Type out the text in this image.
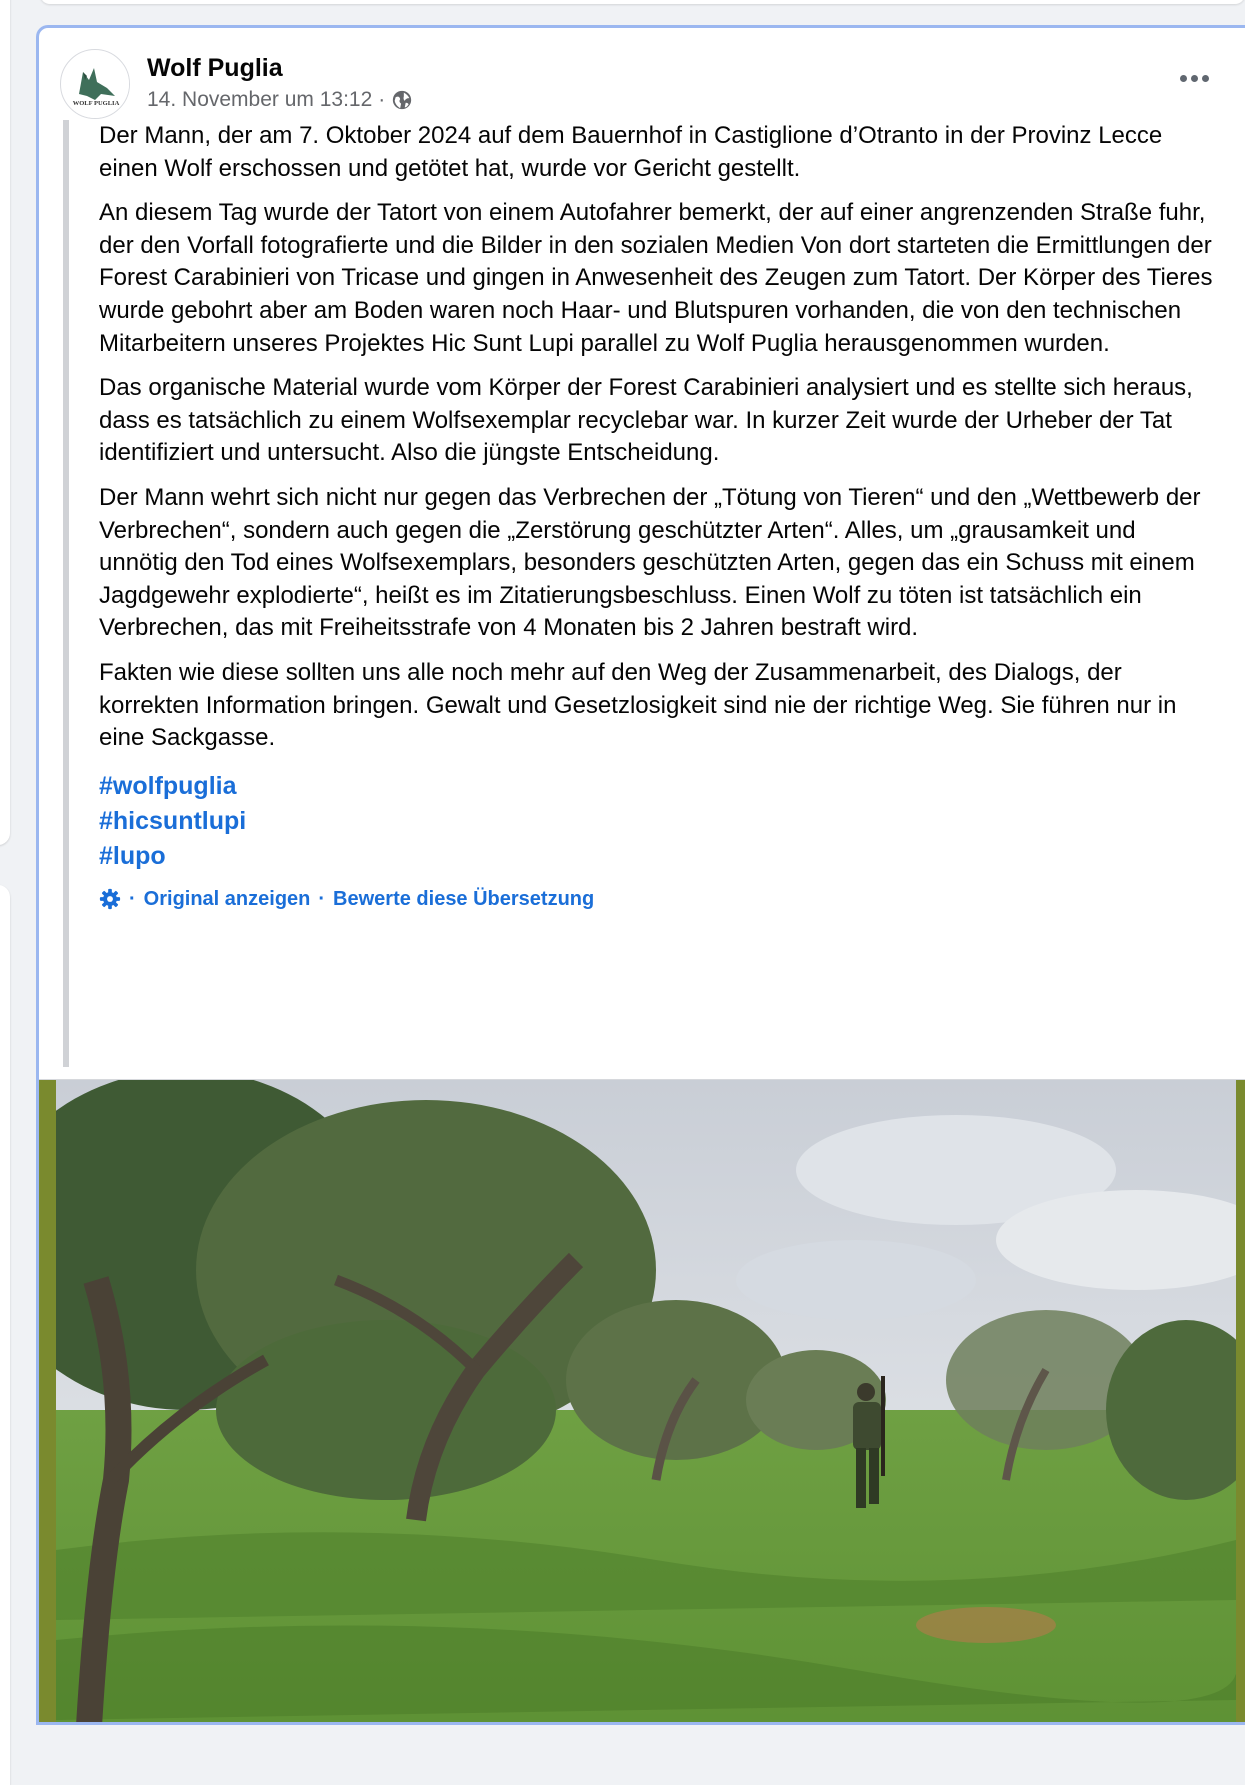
WOLF PUGLIA
Wolf Puglia
14. November um 13:12 ·

Der Mann, der am 7. Oktober 2024 auf dem Bauernhof in Castiglione d’Otranto in der Provinz Lecce einen Wolf erschossen und getötet hat, wurde vor Gericht gestellt.

An diesem Tag wurde der Tatort von einem Autofahrer bemerkt, der auf einer angrenzenden Straße fuhr, der den Vorfall fotografierte und die Bilder in den sozialen Medien Von dort starteten die Ermittlungen der Forest Carabinieri von Tricase und gingen in Anwesenheit des Zeugen zum Tatort. Der Körper des Tieres wurde gebohrt aber am Boden waren noch Haar- und Blutspuren vorhanden, die von den technischen Mitarbeitern unseres Projektes Hic Sunt Lupi parallel zu Wolf Puglia herausgenommen wurden.

Das organische Material wurde vom Körper der Forest Carabinieri analysiert und es stellte sich heraus, dass es tatsächlich zu einem Wolfsexemplar recyclebar war. In kurzer Zeit wurde der Urheber der Tat identifiziert und untersucht. Also die jüngste Entscheidung.

Der Mann wehrt sich nicht nur gegen das Verbrechen der „Tötung von Tieren“ und den „Wettbewerb der Verbrechen“, sondern auch gegen die „Zerstörung geschützter Arten“. Alles, um „grausamkeit und unnötig den Tod eines Wolfsexemplars, besonders geschützten Arten, gegen das ein Schuss mit einem Jagdgewehr explodierte“, heißt es im Zitatierungsbeschluss. Einen Wolf zu töten ist tatsächlich ein Verbrechen, das mit Freiheitsstrafe von 4 Monaten bis 2 Jahren bestraft wird.

Fakten wie diese sollten uns alle noch mehr auf den Weg der Zusammenarbeit, des Dialogs, der korrekten Information bringen. Gewalt und Gesetzlosigkeit sind nie der richtige Weg. Sie führen nur in eine Sackgasse.

#wolfpuglia
#hicsuntlupi
#lupo
· Original anzeigen · Bewerte diese Übersetzung
